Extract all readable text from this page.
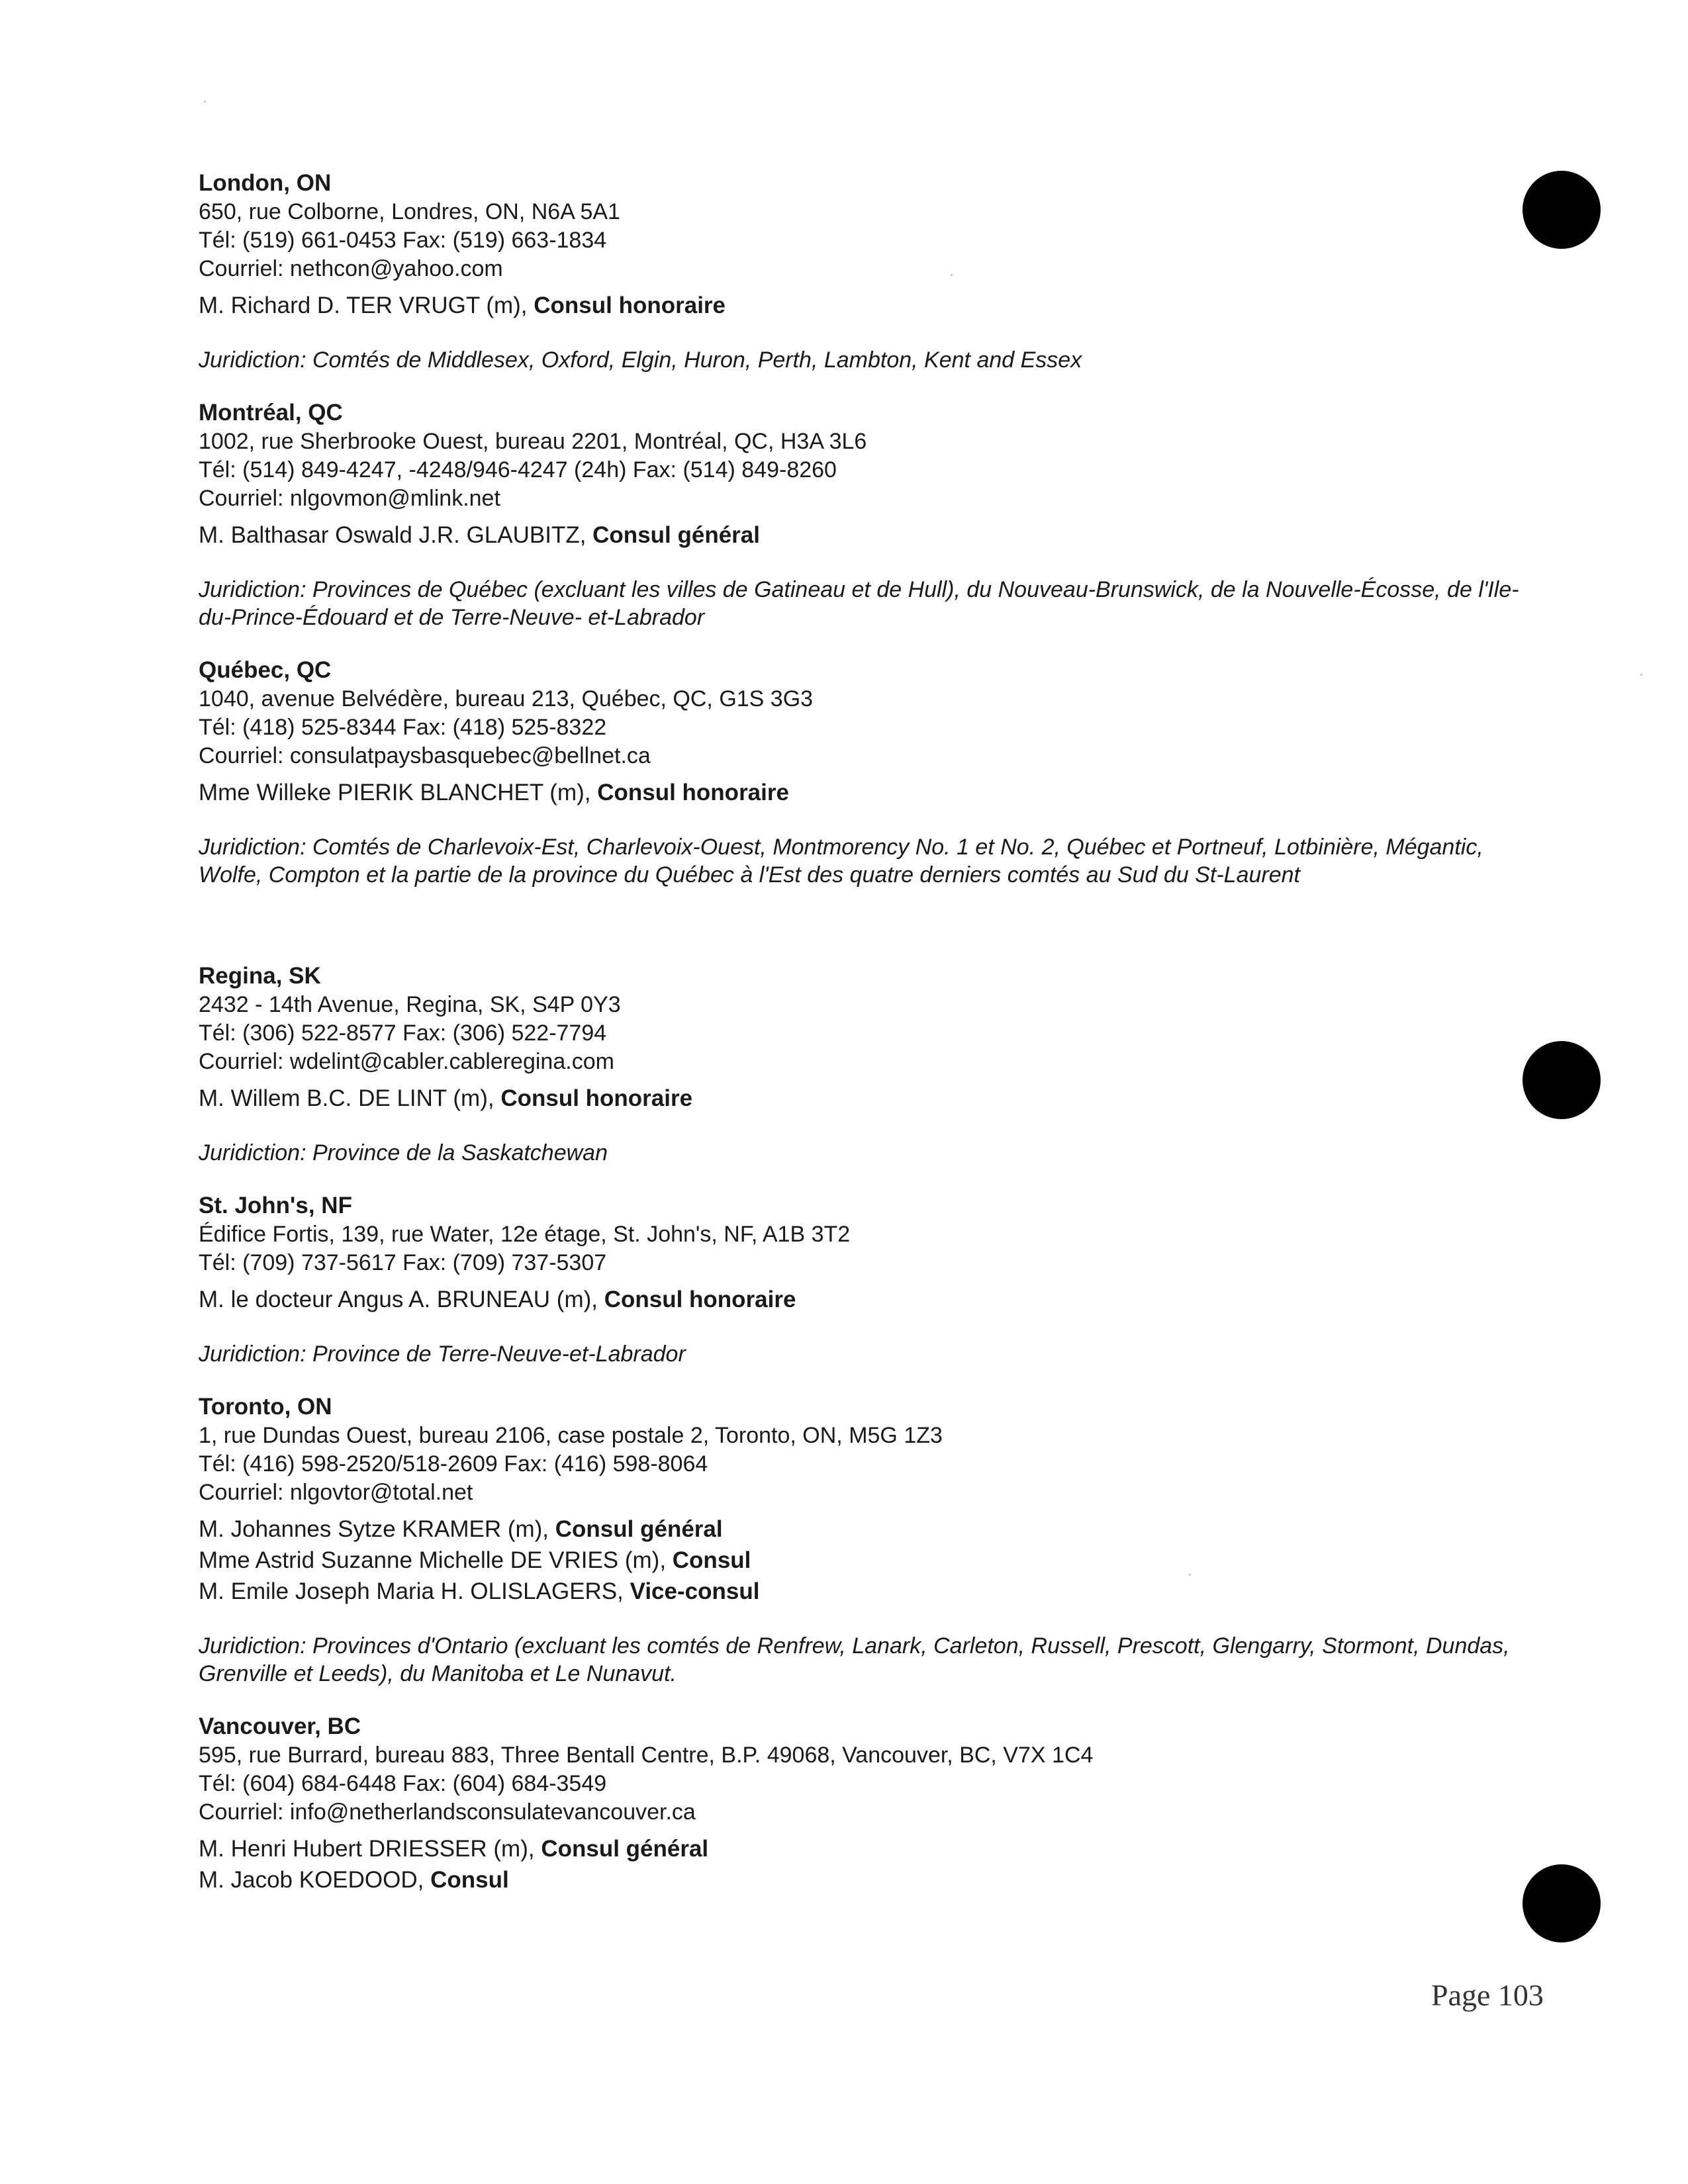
London, ON

650, rue Colborne, Londres, ON, N6A 5A1

Tél: (519) 661-0453 Fax: (519) 663-1834

Courriel: nethcon@yahoo.com

M. Richard D. TER VRUGT (m), Consul honoraire

Juridiction: Comtés de Middlesex, Oxford, Elgin, Huron, Perth, Lambton, Kent and Essex

Montréal, QC

1002, rue Sherbrooke Ouest, bureau 2201, Montréal, QC, H3A 3L6

Tél: (514) 849-4247, -4248/946-4247 (24h) Fax: (514) 849-8260

Courriel: nlgovmon@mlink.net

M. Balthasar Oswald J.R. GLAUBITZ, Consul général

Juridiction: Provinces de Québec (excluant les villes de Gatineau et de Hull), du Nouveau-Brunswick, de la Nouvelle-Écosse, de l'Ile-du-Prince-Édouard et de Terre-Neuve- et-Labrador

Québec, QC

1040, avenue Belvédère, bureau 213, Québec, QC, G1S 3G3

Tél: (418) 525-8344 Fax: (418) 525-8322

Courriel: consulatpaysbasquebec@bellnet.ca

Mme Willeke PIERIK BLANCHET (m), Consul honoraire

Juridiction: Comtés de Charlevoix-Est, Charlevoix-Ouest, Montmorency No. 1 et No. 2, Québec et Portneuf, Lotbinière, Mégantic, Wolfe, Compton et la partie de la province du Québec à l'Est des quatre derniers comtés au Sud du St-Laurent

Regina, SK

2432 - 14th Avenue, Regina, SK, S4P 0Y3

Tél: (306) 522-8577 Fax: (306) 522-7794

Courriel: wdelint@cabler.cableregina.com

M. Willem B.C. DE LINT (m), Consul honoraire

Juridiction: Province de la Saskatchewan

St. John's, NF

Édifice Fortis, 139, rue Water, 12e étage, St. John's, NF, A1B 3T2

Tél: (709) 737-5617 Fax: (709) 737-5307

M. le docteur Angus A. BRUNEAU (m), Consul honoraire

Juridiction: Province de Terre-Neuve-et-Labrador

Toronto, ON

1, rue Dundas Ouest, bureau 2106, case postale 2, Toronto, ON, M5G 1Z3

Tél: (416) 598-2520/518-2609 Fax: (416) 598-8064

Courriel: nlgovtor@total.net

M. Johannes Sytze KRAMER (m), Consul général

Mme Astrid Suzanne Michelle DE VRIES (m), Consul

M. Emile Joseph Maria H. OLISLAGERS, Vice-consul

Juridiction: Provinces d'Ontario (excluant les comtés de Renfrew, Lanark, Carleton, Russell, Prescott, Glengarry, Stormont, Dundas, Grenville et Leeds), du Manitoba et Le Nunavut.

Vancouver, BC

595, rue Burrard, bureau 883, Three Bentall Centre, B.P. 49068, Vancouver, BC, V7X 1C4

Tél: (604) 684-6448 Fax: (604) 684-3549

Courriel: info@netherlandsconsulatevancouver.ca

M. Henri Hubert DRIESSER (m), Consul général

M. Jacob KOEDOOD, Consul

Page 103
